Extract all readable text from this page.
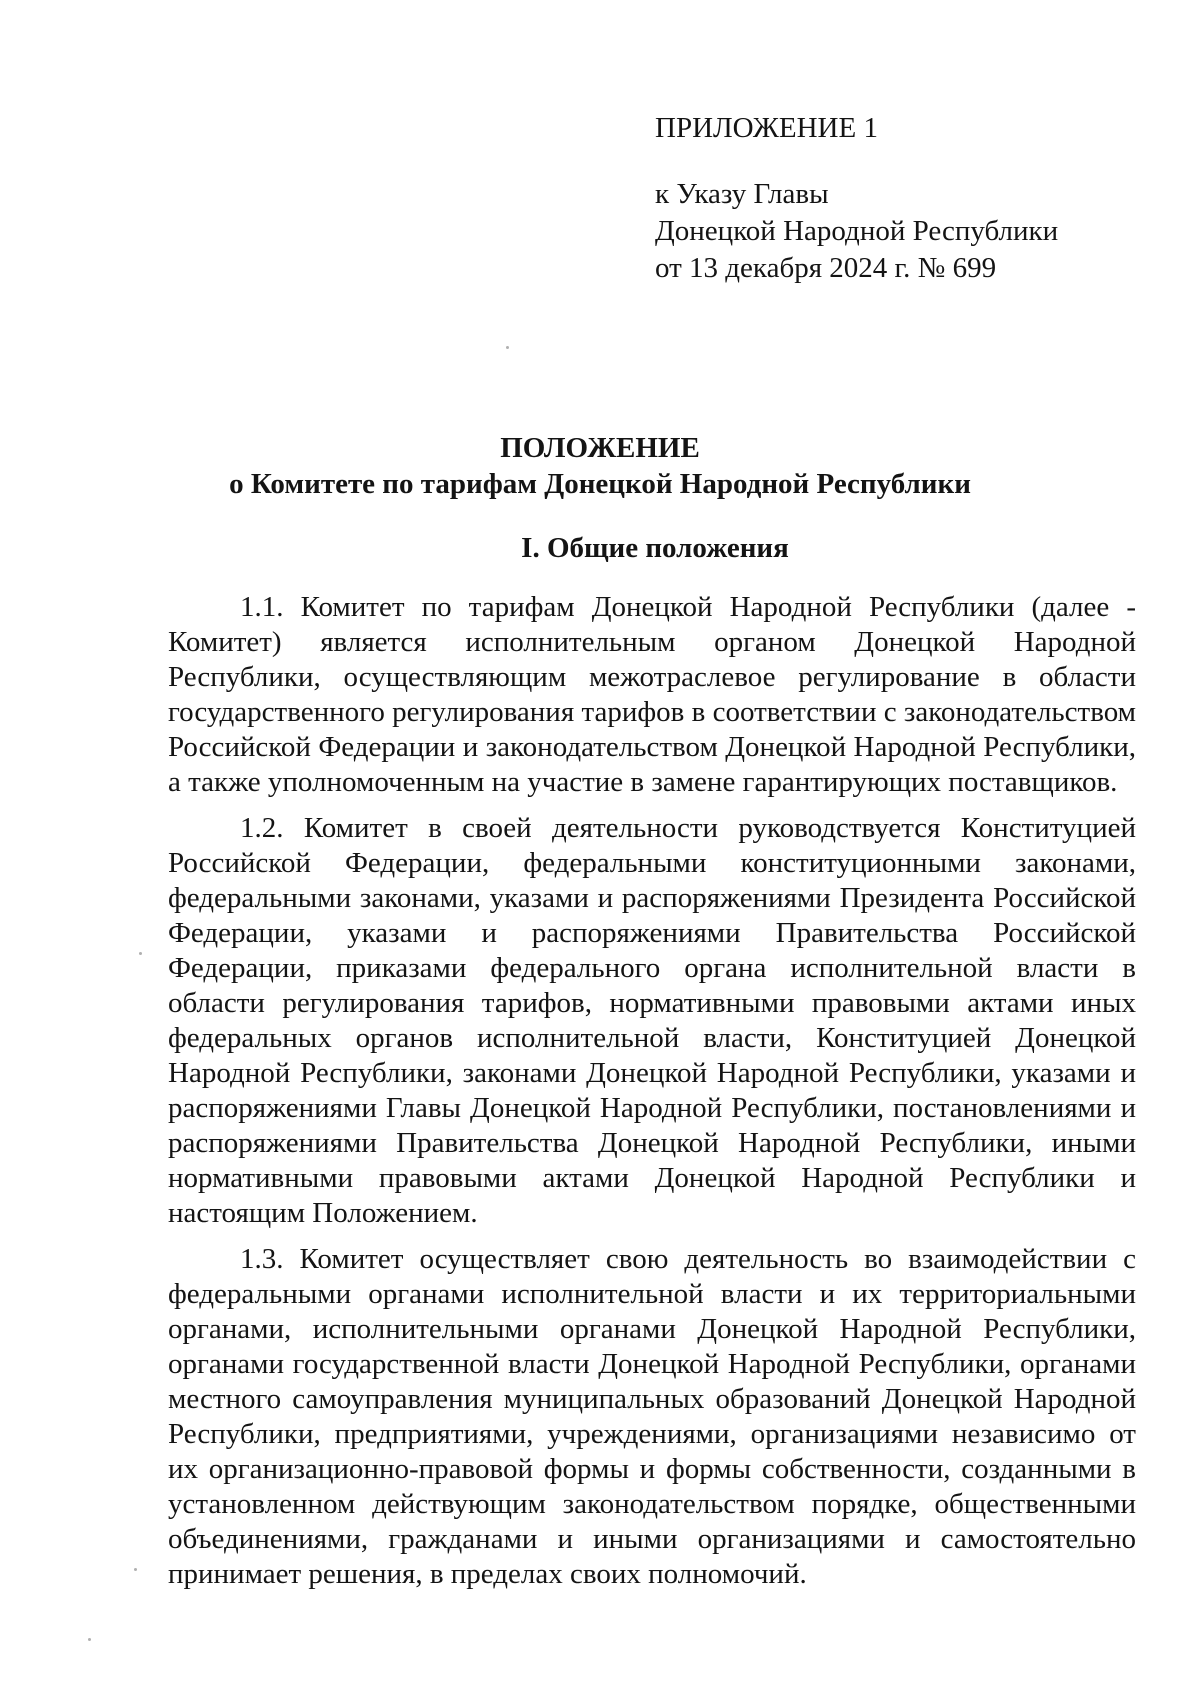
ПРИЛОЖЕНИЕ 1
к Указу Главы
Донецкой Народной Республики
от 13 декабря 2024 г. № 699
ПОЛОЖЕНИЕ
о Комитете по тарифам Донецкой Народной Республики
I. Общие положения

1.1. Комитет по тарифам Донецкой Народной Республики (далее - Комитет) является исполнительным органом Донецкой Народной Республики, осуществляющим межотраслевое регулирование в области государственного регулирования тарифов в соответствии с законодательством Российской Федерации и законодательством Донецкой Народной Республики, а также уполномоченным на участие в замене гарантирующих поставщиков.

1.2. Комитет в своей деятельности руководствуется Конституцией Российской Федерации, федеральными конституционными законами, федеральными законами, указами и распоряжениями Президента Российской Федерации, указами и распоряжениями Правительства Российской Федерации, приказами федерального органа исполнительной власти в области регулирования тарифов, нормативными правовыми актами иных федеральных органов исполнительной власти, Конституцией Донецкой Народной Республики, законами Донецкой Народной Республики, указами и распоряжениями Главы Донецкой Народной Республики, постановлениями и распоряжениями Правительства Донецкой Народной Республики, иными нормативными правовыми актами Донецкой Народной Республики и настоящим Положением.

1.3. Комитет осуществляет свою деятельность во взаимодействии с федеральными органами исполнительной власти и их территориальными органами, исполнительными органами Донецкой Народной Республики, органами государственной власти Донецкой Народной Республики, органами местного самоуправления муниципальных образований Донецкой Народной Республики, предприятиями, учреждениями, организациями независимо от их организационно-правовой формы и формы собственности, созданными в установленном действующим законодательством порядке, общественными объединениями, гражданами и иными организациями и самостоятельно принимает решения, в пределах своих полномочий.
